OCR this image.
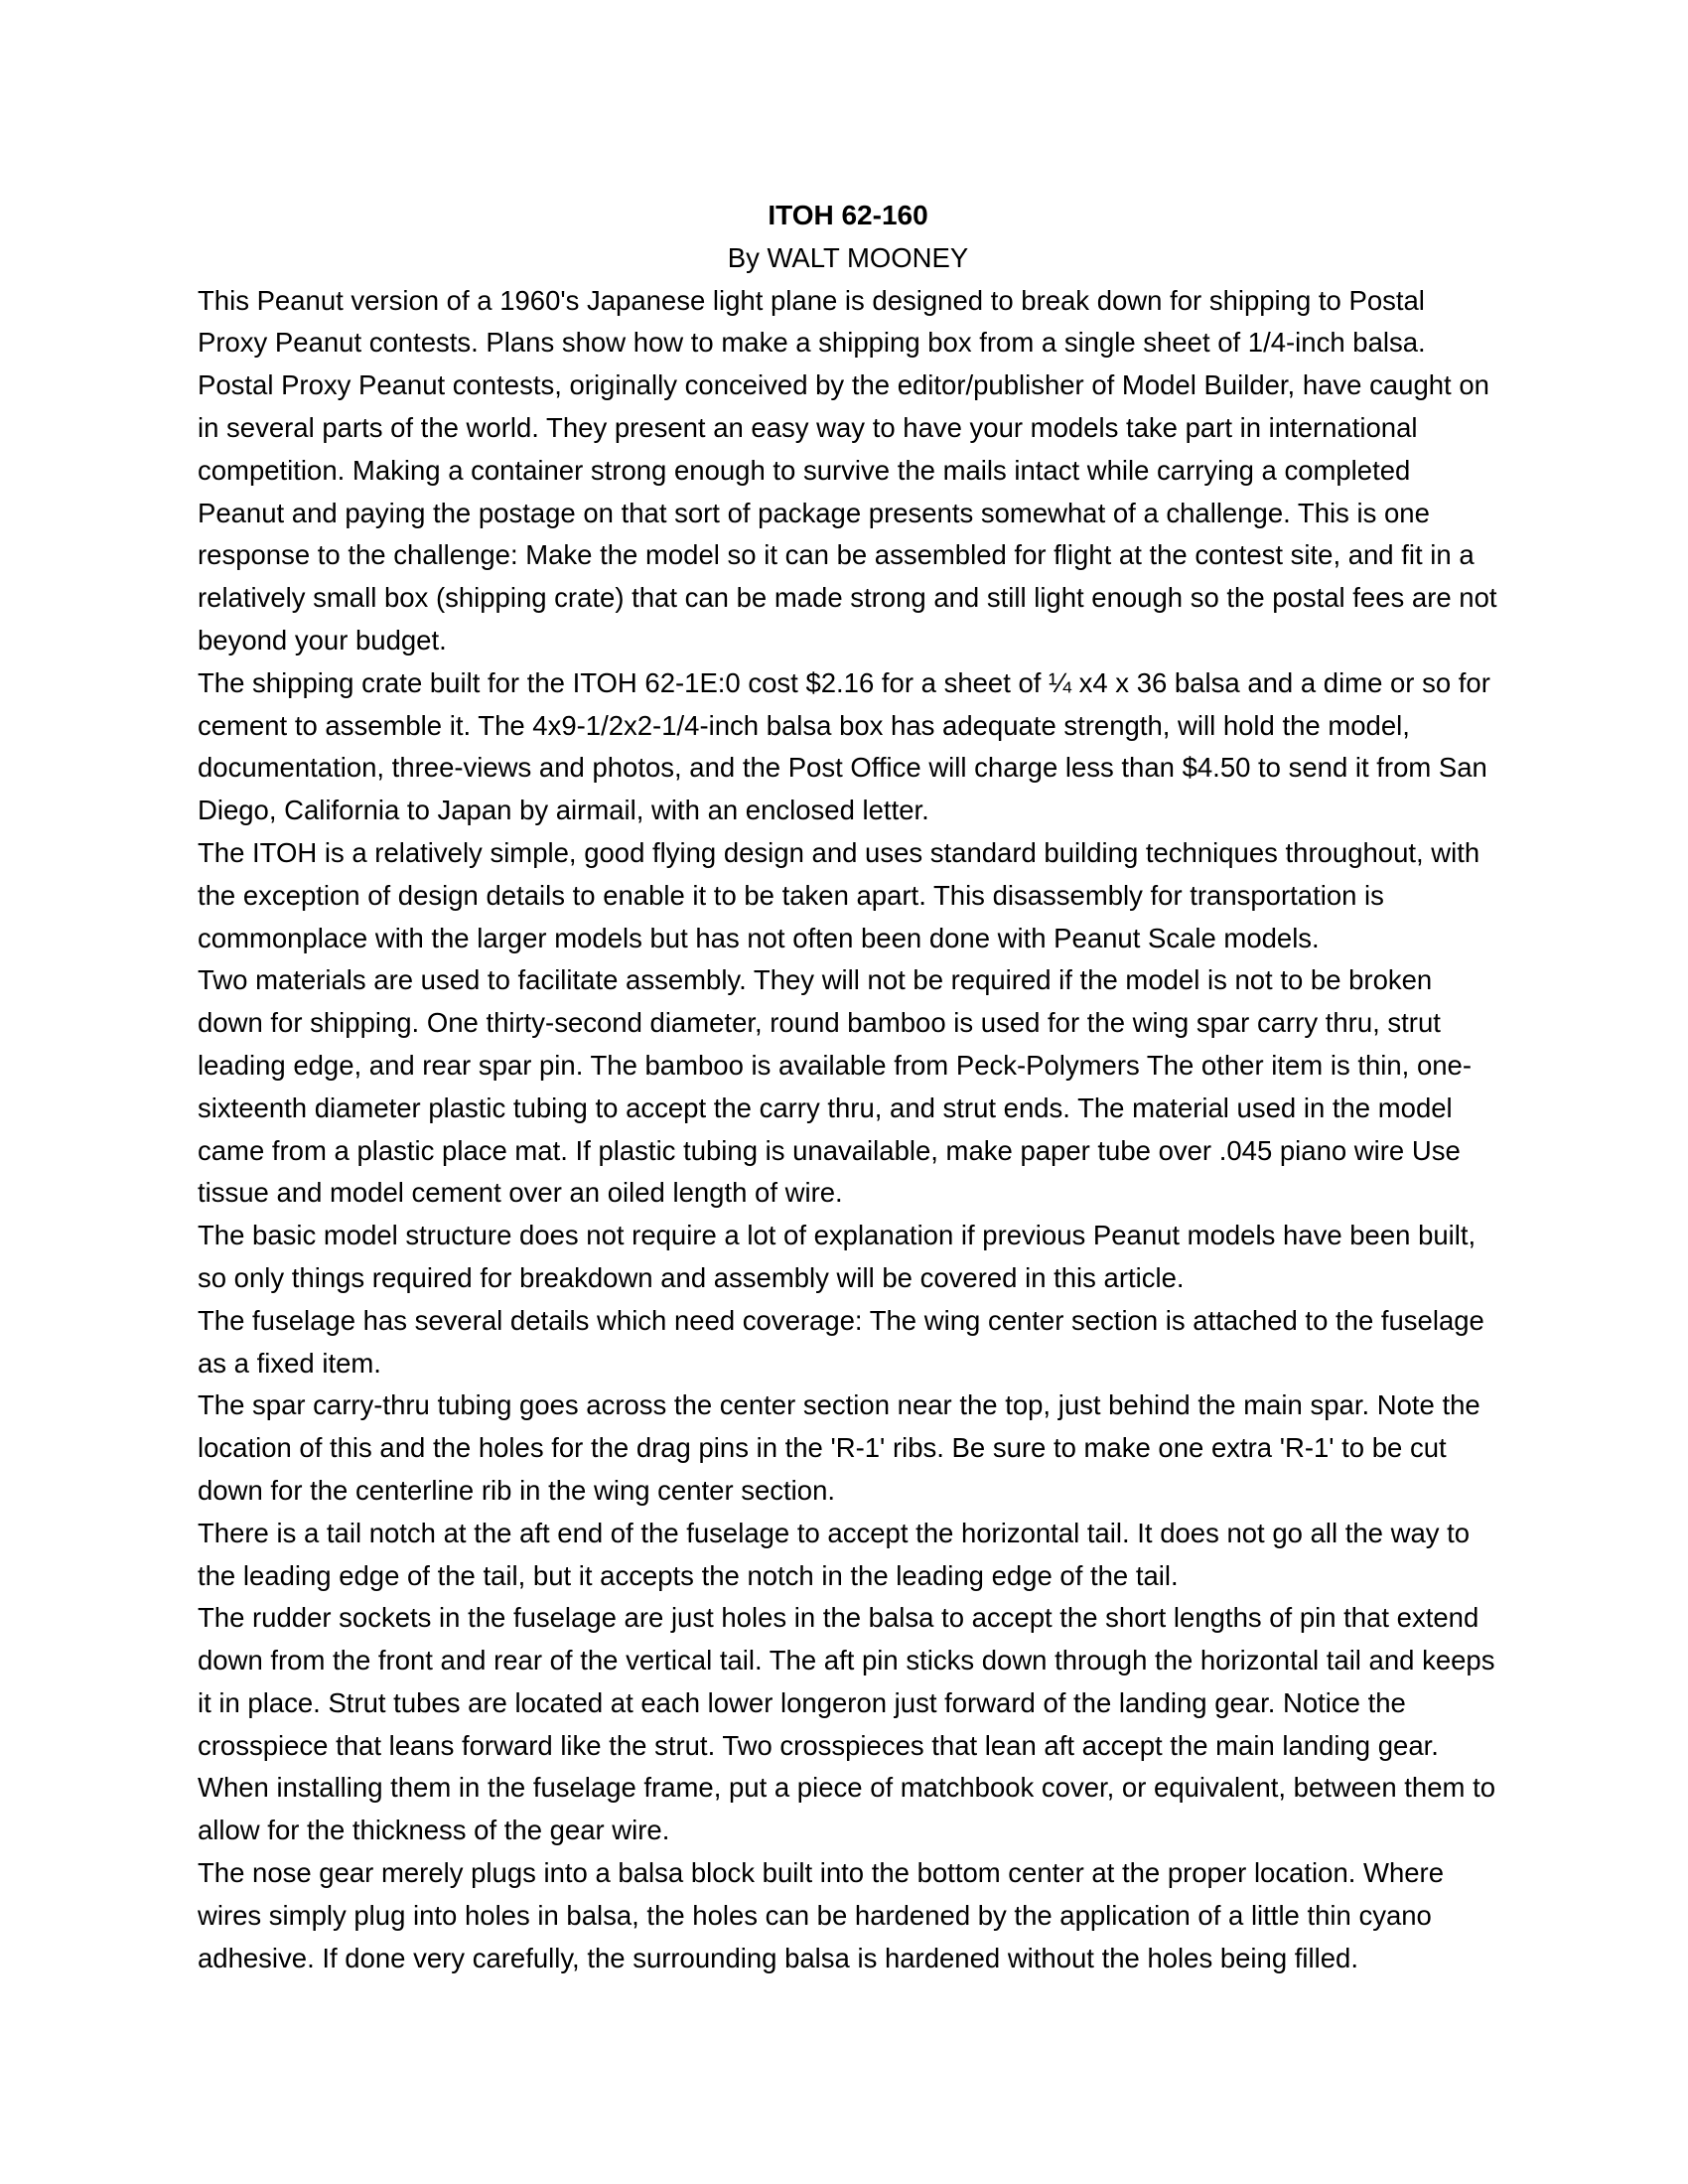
ITOH 62-160

By WALT MOONEY

This Peanut version of a 1960's Japanese light plane is designed to break down for shipping to Postal Proxy Peanut contests. Plans show how to make a shipping box from a single sheet of 1/4-inch balsa.

Postal Proxy Peanut contests, originally conceived by the editor/publisher of Model Builder, have caught on in several parts of the world. They present an easy way to have your models take part in international competition. Making a container strong enough to survive the mails intact while carrying a completed Peanut and paying the postage on that sort of package presents somewhat of a challenge. This is one response to the challenge: Make the model so it can be assembled for flight at the contest site, and fit in a relatively small box (shipping crate) that can be made strong and still light enough so the postal fees are not beyond your budget.

The shipping crate built for the ITOH 62-1E:0 cost $2.16 for a sheet of ¼ x4 x 36 balsa and a dime or so for cement to assemble it. The 4x9-1/2x2-1/4-inch balsa box has adequate strength, will hold the model, documentation, three-views and photos, and the Post Office will charge less than $4.50 to send it from San Diego, California to Japan by airmail, with an enclosed letter.

The ITOH is a relatively simple, good flying design and uses standard building techniques throughout, with the exception of design details to enable it to be taken apart. This disassembly for transportation is commonplace with the larger models but has not often been done with Peanut Scale models.

Two materials are used to facilitate assembly. They will not be required if the model is not to be broken down for shipping. One thirty-second diameter, round bamboo is used for the wing spar carry thru, strut leading edge, and rear spar pin. The bamboo is available from Peck-Polymers The other item is thin, one-sixteenth diameter plastic tubing to accept the carry thru, and strut ends. The material used in the model came from a plastic place mat. If plastic tubing is unavailable, make paper tube over .045 piano wire Use tissue and model cement over an oiled length of wire.

The basic model structure does not require a lot of explanation if previous Peanut models have been built, so only things required for breakdown and assembly will be covered in this article.

The fuselage has several details which need coverage: The wing center section is attached to the fuselage as a fixed item.

The spar carry-thru tubing goes across the center section near the top, just behind the main spar. Note the location of this and the holes for the drag pins in the 'R-1' ribs. Be sure to make one extra 'R-1' to be cut down for the centerline rib in the wing center section.

There is a tail notch at the aft end of the fuselage to accept the horizontal tail. It does not go all the way to the leading edge of the tail, but it accepts the notch in the leading edge of the tail.

The rudder sockets in the fuselage are just holes in the balsa to accept the short lengths of pin that extend down from the front and rear of the vertical tail. The aft pin sticks down through the horizontal tail and keeps it in place. Strut tubes are located at each lower longeron just forward of the landing gear. Notice the crosspiece that leans forward like the strut. Two crosspieces that lean aft accept the main landing gear. When installing them in the fuselage frame, put a piece of matchbook cover, or equivalent, between them to allow for the thickness of the gear wire.

The nose gear merely plugs into a balsa block built into the bottom center at the proper location. Where wires simply plug into holes in balsa, the holes can be hardened by the application of a little thin cyano adhesive. If done very carefully, the surrounding balsa is hardened without the holes being filled.
